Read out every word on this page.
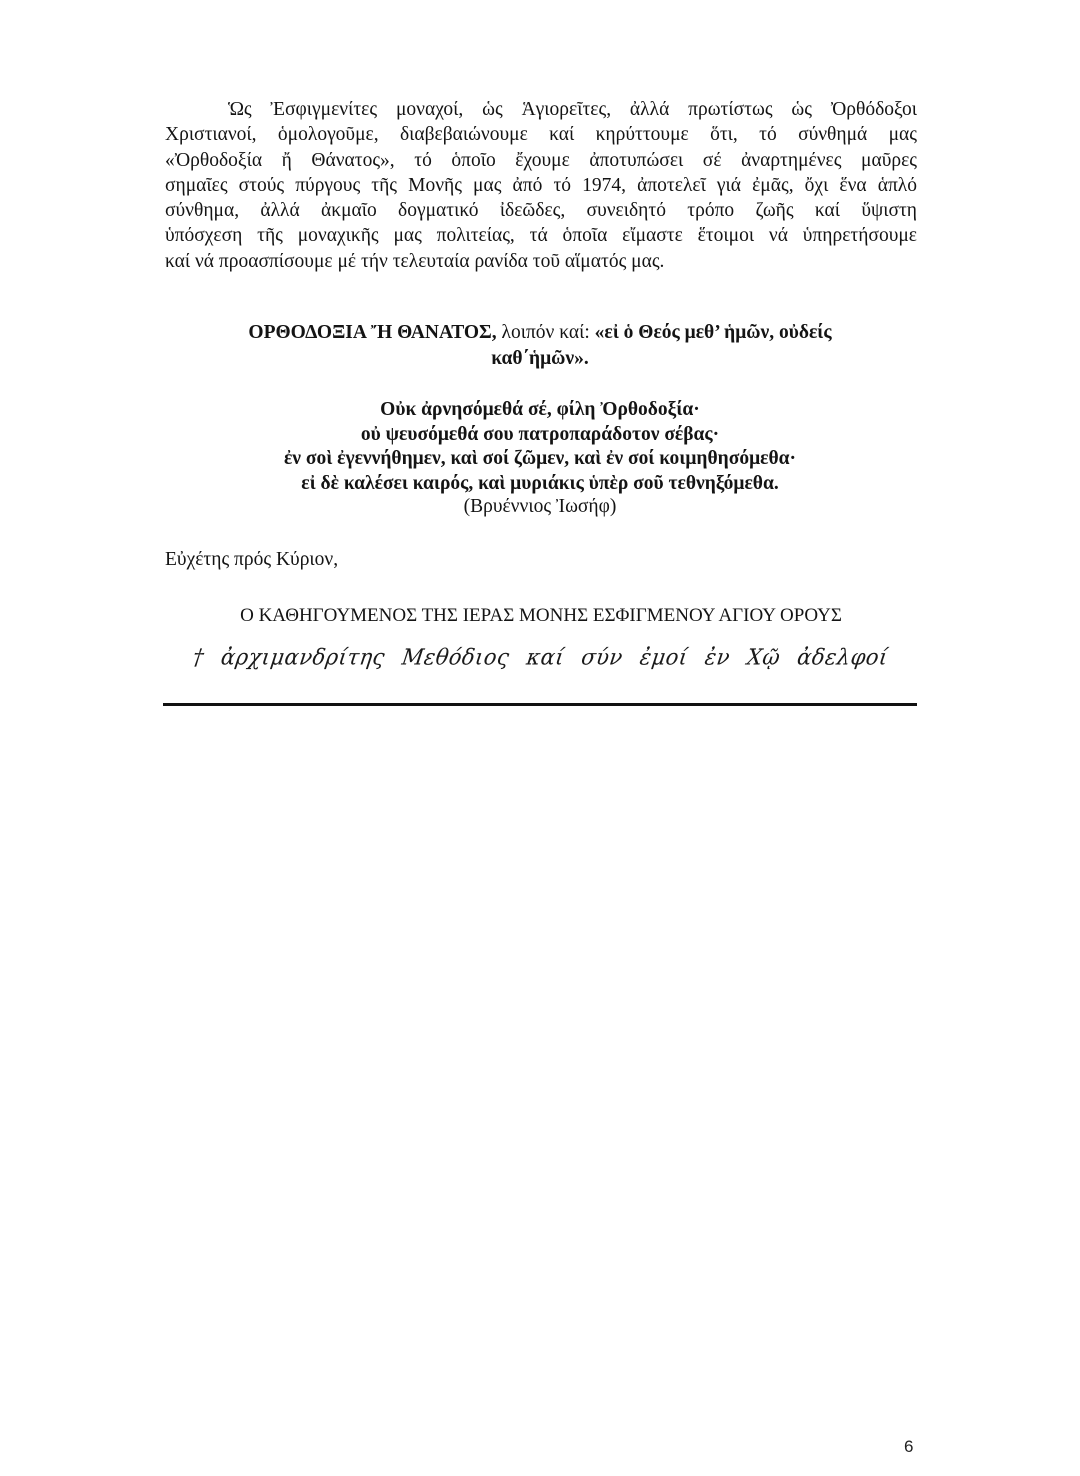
Ὡς Ἐσφιγμενίτες μοναχοί, ὡς Ἁγιορεῖτες, ἀλλά πρωτίστως ὡς Ὀρθόδοξοι
Χριστιανοί, ὁμολογοῦμε, διαβεβαιώνουμε καί κηρύττουμε ὅτι, τό σύνθημά μας
«Ὀρθοδοξία ἤ Θάνατος», τό ὁποῖο ἔχουμε ἀποτυπώσει σέ ἀναρτημένες μαῦρες
σημαῖες στούς πύργους τῆς Μονῆς μας ἀπό τό 1974, ἀποτελεῖ γιά ἐμᾶς, ὄχι ἕνα ἁπλό
σύνθημα, ἀλλά ἀκμαῖο δογματικό ἰδεῶδες, συνειδητό τρόπο ζωῆς καί ὕψιστη
ὑπόσχεση τῆς μοναχικῆς μας πολιτείας, τά ὁποῖα εἴμαστε ἕτοιμοι νά ὑπηρετήσουμε
καί νά προασπίσουμε μέ τήν τελευταία ρανίδα τοῦ αἵματός μας.
ΟΡΘΟΔΟΞΙΑ Ἤ ΘΑΝΑΤΟΣ, λοιπόν καί: «εἰ ὁ Θεός μεθ’ ἡμῶν, οὐδείς
καθ΄ἡμῶν».
Οὐκ ἀρνησόμεθά σέ, φίλη Ὀρθοδοξία·
οὐ ψευσόμεθά σου πατροπαράδοτον σέβας·
ἐν σοὶ ἐγεννήθημεν, καὶ σοί ζῶμεν, καὶ ἐν σοί κοιμηθησόμεθα·
εἰ δὲ καλέσει καιρός, καὶ μυριάκις ὑπὲρ σοῦ τεθνηξόμεθα.
(Βρυέννιος Ἰωσήφ)
Εὐχέτης πρός Κύριον,
Ο ΚΑΘΗΓΟΥΜΕΝΟΣ ΤΗΣ ΙΕΡΑΣ ΜΟΝΗΣ ΕΣΦΙΓΜΕΝΟΥ ΑΓΙΟΥ ΟΡΟΥΣ
† ἀρχιμανδρίτης Μεθόδιος καί σύν ἐμοί ἐν Χῷ ἀδελφοί
6
